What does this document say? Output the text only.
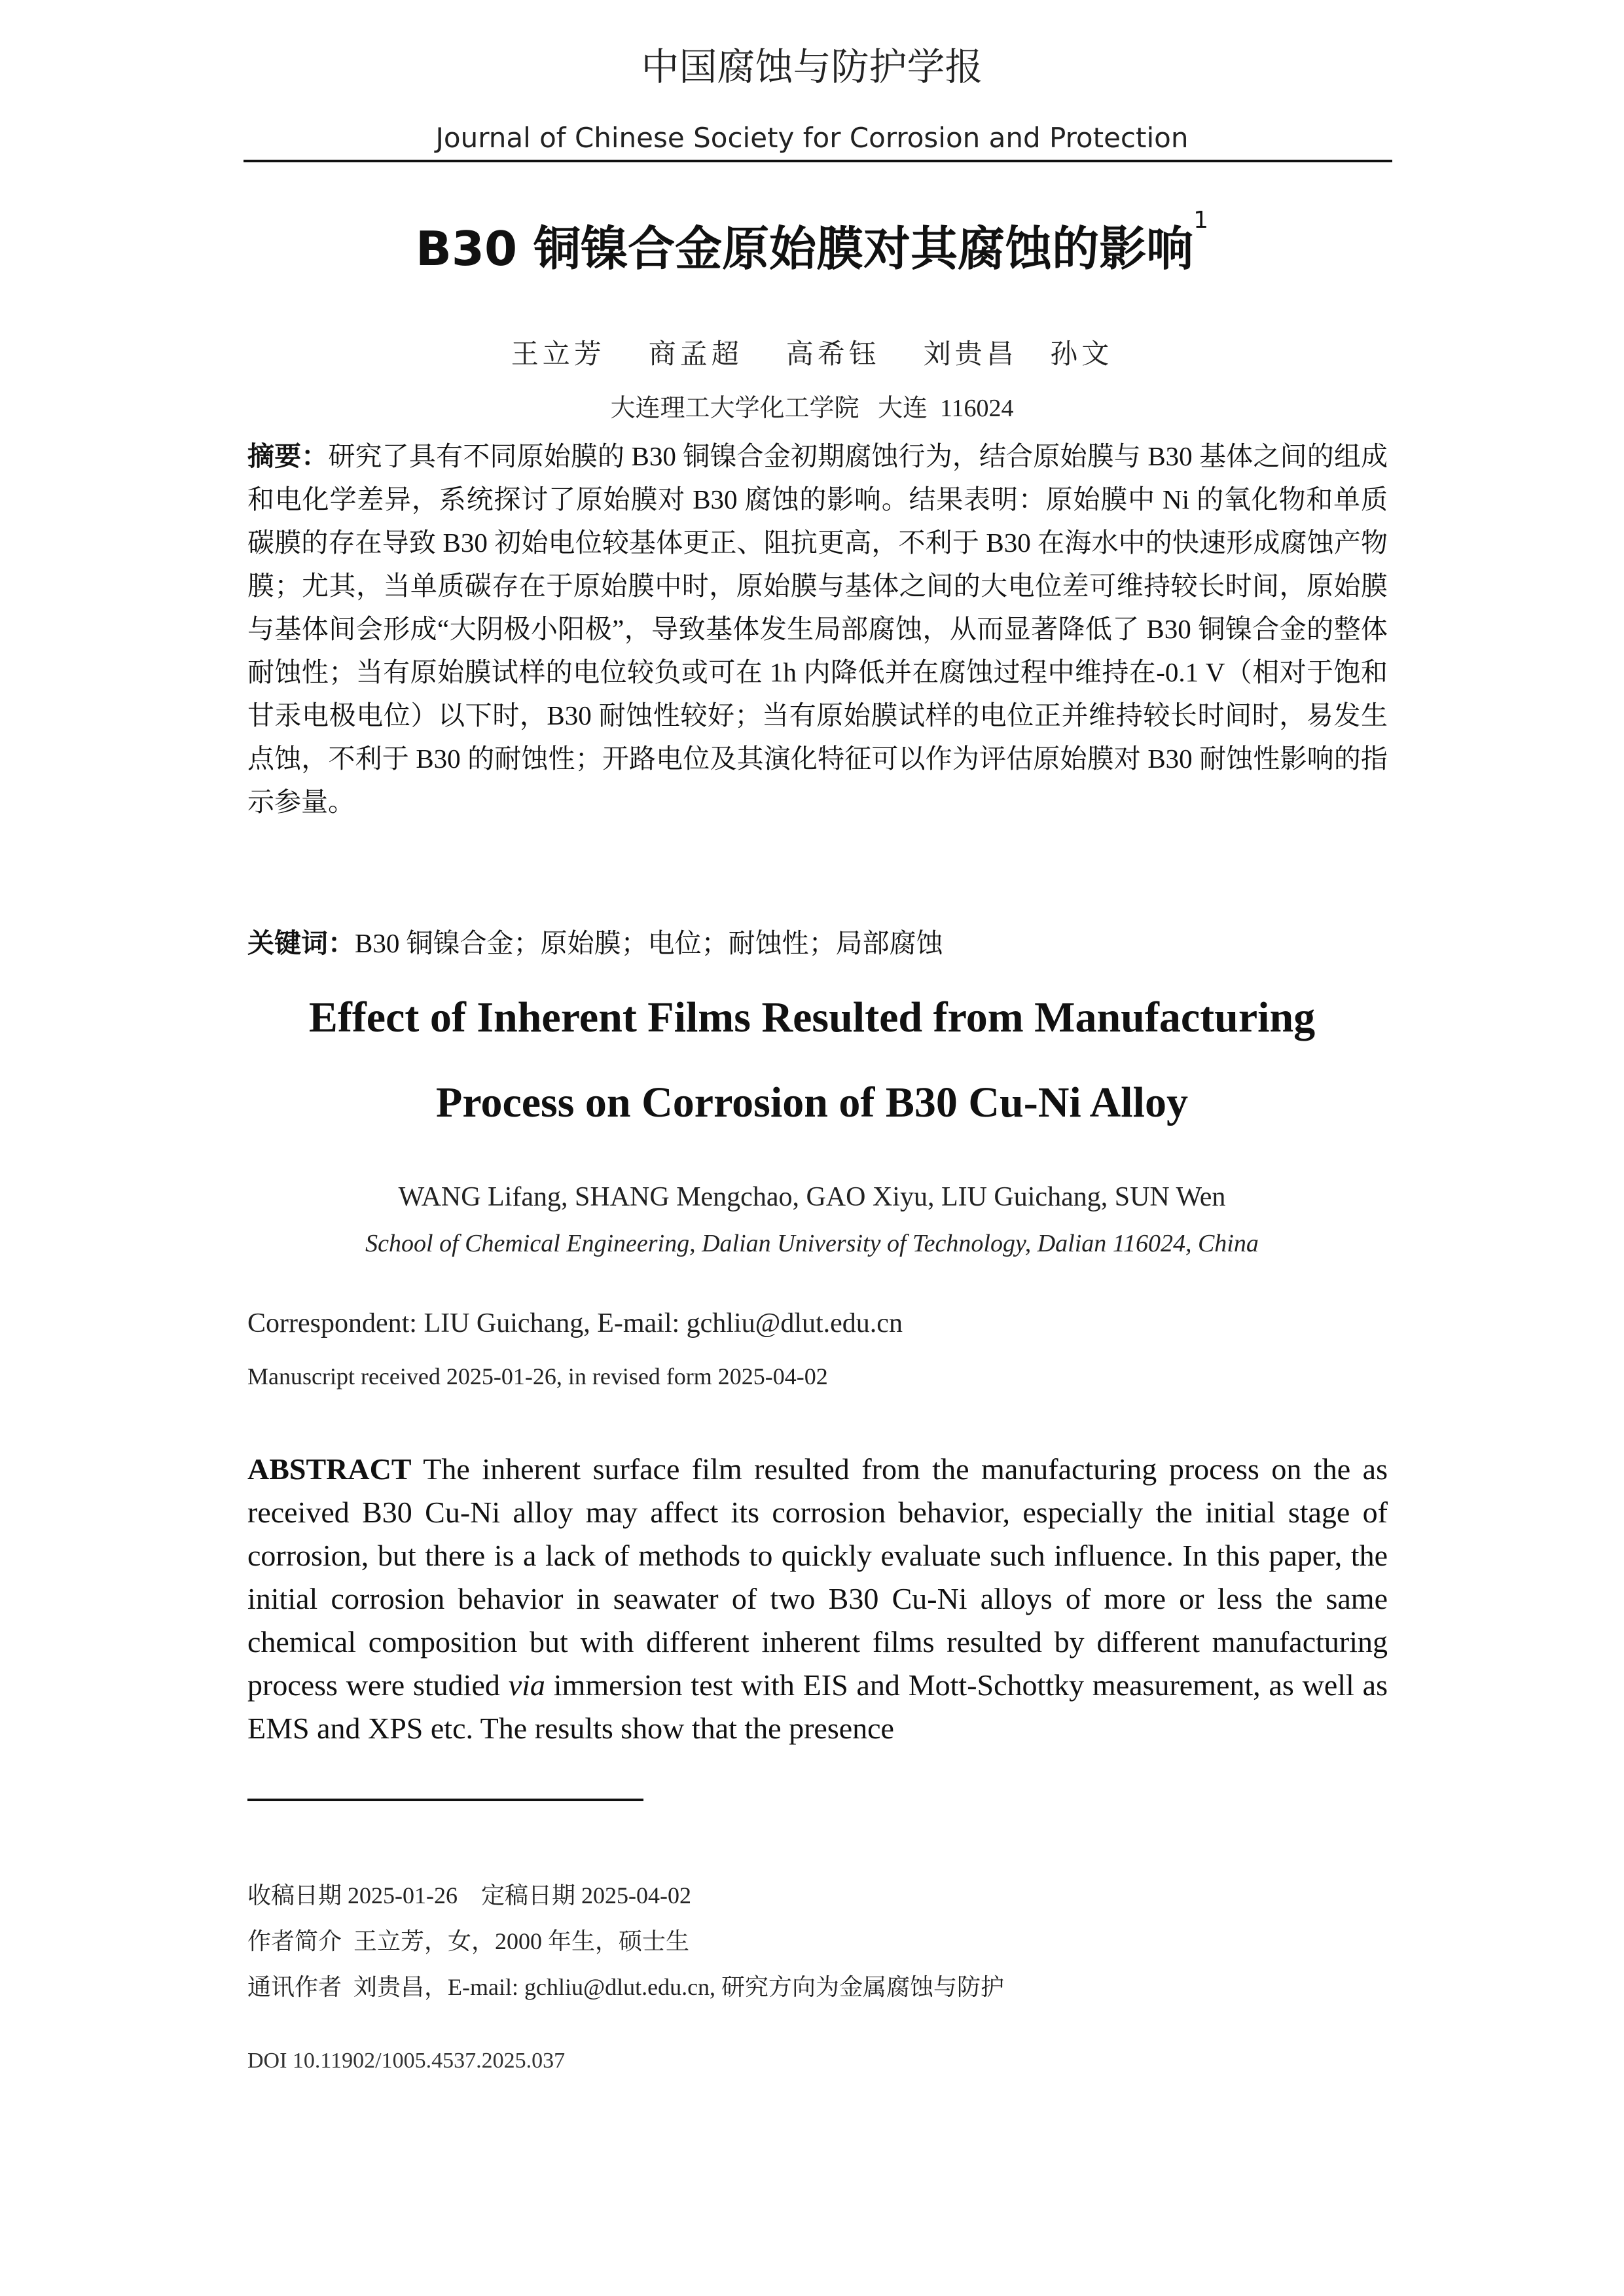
中国腐蚀与防护学报
Journal of Chinese Society for Corrosion and Protection
B30 铜镍合金原始膜对其腐蚀的影响$^1$
王立芳    商孟超    高希钰    刘贵昌   孙文
大连理工大学化工学院   大连  116024
摘要：研究了具有不同原始膜的 B30 铜镍合金初期腐蚀行为，结合原始膜与 B30 基体之间的组成和电化学差异，系统探讨了原始膜对 B30 腐蚀的影响。结果表明：原始膜中 Ni 的氧化物和单质碳膜的存在导致 B30 初始电位较基体更正、阻抗更高，不利于 B30 在海水中的快速形成腐蚀产物膜；尤其，当单质碳存在于原始膜中时，原始膜与基体之间的大电位差可维持较长时间，原始膜与基体间会形成“大阴极小阳极”，导致基体发生局部腐蚀，从而显著降低了 B30 铜镍合金的整体耐蚀性；当有原始膜试样的电位较负或可在 1h 内降低并在腐蚀过程中维持在-0.1 V（相对于饱和甘汞电极电位）以下时，B30 耐蚀性较好；当有原始膜试样的电位正并维持较长时间时，易发生点蚀，不利于 B30 的耐蚀性；开路电位及其演化特征可以作为评估原始膜对 B30 耐蚀性影响的指示参量。
关键词：B30 铜镍合金；原始膜；电位；耐蚀性；局部腐蚀
Effect of Inherent Films Resulted from Manufacturing
Process on Corrosion of B30 Cu-Ni Alloy
WANG Lifang, SHANG Mengchao, GAO Xiyu, LIU Guichang, SUN Wen
School of Chemical Engineering, Dalian University of Technology, Dalian 116024, China
Correspondent: LIU Guichang, E-mail: gchliu@dlut.edu.cn
Manuscript received 2025-01-26, in revised form 2025-04-02
ABSTRACT The inherent surface film resulted from the manufacturing process on the as received B30 Cu-Ni alloy may affect its corrosion behavior, especially the initial stage of corrosion, but there is a lack of methods to quickly evaluate such influence. In this paper, the initial corrosion behavior in seawater of two B30 Cu-Ni alloys of more or less the same chemical composition but with different inherent films resulted by different manufacturing process were studied via immersion test with EIS and Mott-Schottky measurement, as well as EMS and XPS etc. The results show that the presence
收稿日期 2025-01-26    定稿日期 2025-04-02
作者简介  王立芳，女，2000 年生，硕士生
通讯作者  刘贵昌，E-mail: gchliu@dlut.edu.cn, 研究方向为金属腐蚀与防护
DOI 10.11902/1005.4537.2025.037
